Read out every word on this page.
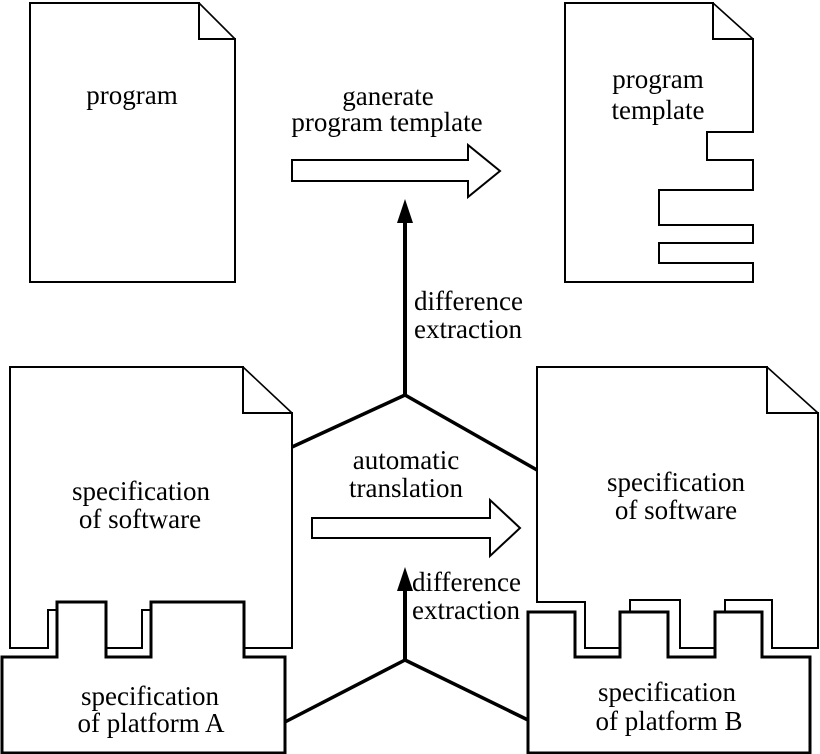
program
program
template
ganerate
program template
difference
extraction
automatic
translation
difference
extraction
specification
of software
specification
of software
specification
of platform A
specification
of platform B
